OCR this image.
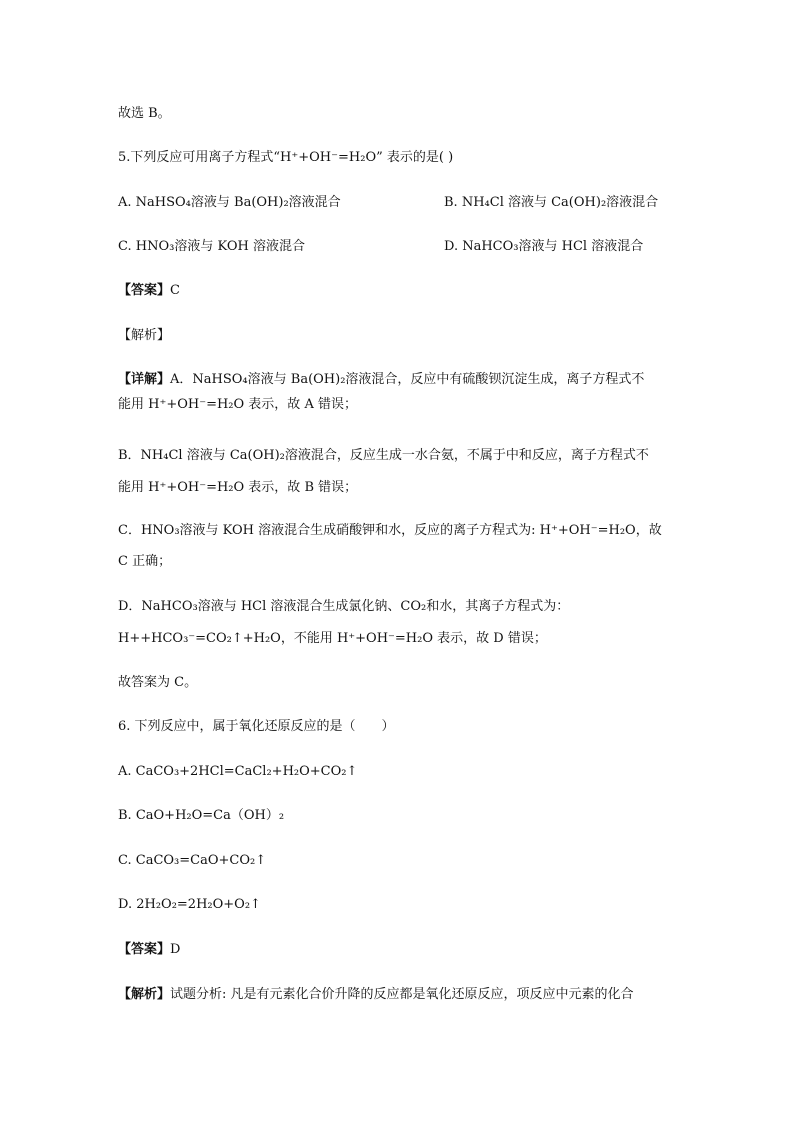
故选 B。
5.下列反应可用离子方程式“H⁺+OH⁻=H₂O” 表示的是( )
A. NaHSO₄溶液与 Ba(OH)₂溶液混合	B. NH₄Cl 溶液与 Ca(OH)₂溶液混合
C. HNO₃溶液与 KOH 溶液混合	D. NaHCO₃溶液与 HCl 溶液混合
【答案】C
【解析】
【详解】A．NaHSO₄溶液与 Ba(OH)₂溶液混合，反应中有硫酸钡沉淀生成，离子方程式不
能用 H⁺+OH⁻=H₂O 表示，故 A 错误；
B．NH₄Cl 溶液与 Ca(OH)₂溶液混合，反应生成一水合氨，不属于中和反应，离子方程式不
能用 H⁺+OH⁻=H₂O 表示，故 B 错误；
C．HNO₃溶液与 KOH 溶液混合生成硝酸钾和水，反应的离子方程式为: H⁺+OH⁻=H₂O，故
C 正确；
D．NaHCO₃溶液与 HCl 溶液混合生成氯化钠、CO₂和水，其离子方程式为：
H++HCO₃⁻=CO₂↑+H₂O，不能用 H⁺+OH⁻=H₂O 表示，故 D 错误；
故答案为 C。
6. 下列反应中，属于氧化还原反应的是（　　）
A. CaCO₃+2HCl=CaCl₂+H₂O+CO₂↑
B. CaO+H₂O=Ca（OH）₂
C. CaCO₃=CaO+CO₂↑
D. 2H₂O₂=2H₂O+O₂↑
【答案】D
【解析】试题分析: 凡是有元素化合价升降的反应都是氧化还原反应，项反应中元素的化合
